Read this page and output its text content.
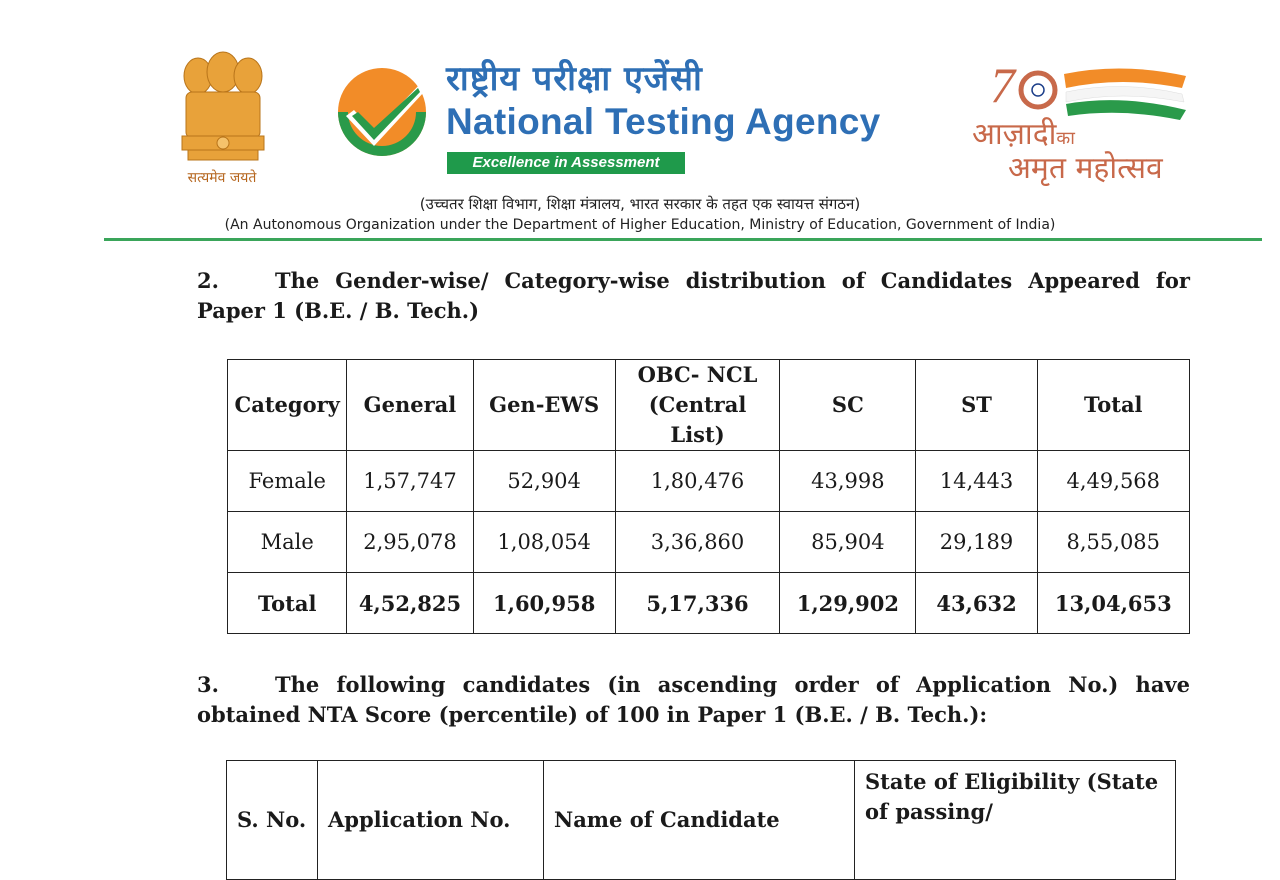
सत्यमेव जयते
राष्ट्रीय परीक्षा एजेंसी
National Testing Agency
Excellence in Assessment
7
आज़ादीका
अमृत महोत्सव
(उच्चतर शिक्षा विभाग, शिक्षा मंत्रालय, भारत सरकार के तहत एक स्वायत्त संगठन)
(An Autonomous Organization under the Department of Higher Education, Ministry of Education, Government of India)
2.	The Gender-wise/ Category-wise distribution of Candidates Appeared for Paper 1 (B.E. / B. Tech.)
Category	General	Gen-EWS	OBC- NCL (Central List)	SC	ST	Total
Female	1,57,747	52,904	1,80,476	43,998	14,443	4,49,568
Male	2,95,078	1,08,054	3,36,860	85,904	29,189	8,55,085
Total	4,52,825	1,60,958	5,17,336	1,29,902	43,632	13,04,653
3.	The following candidates (in ascending order of Application No.) have obtained NTA Score (percentile) of 100 in Paper 1 (B.E. / B. Tech.):
S. No.	Application No.	Name of Candidate	State of Eligibility (State of passing/
